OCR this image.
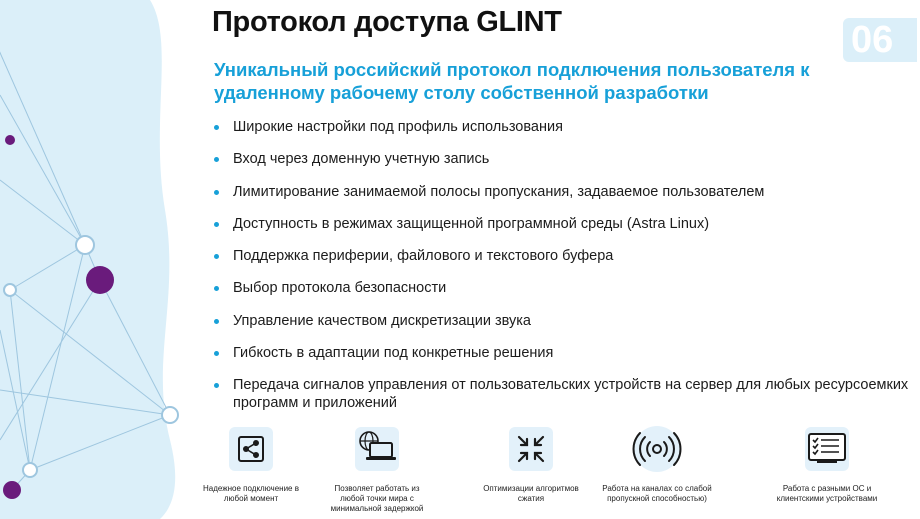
Протокол доступа GLINT	06
Уникальный российский протокол подключения пользователя к удаленному рабочему столу собственной разработки
Широкие настройки под профиль использования
Вход через доменную учетную запись
Лимитирование занимаемой полосы пропускания, задаваемое пользователем
Доступность в режимах защищенной программной среды (Astra Linux)
Поддержка периферии, файлового и текстового буфера
Выбор протокола безопасности
Управление качеством дискретизации звука
Гибкость в адаптации под конкретные решения
Передача сигналов управления от пользовательских устройств на сервер для любых ресурсоемких программ и приложений
Надежное подключение в любой момент
Позволяет работать из любой точки мира с минимальной задержкой
Оптимизации алгоритмов сжатия
Работа на каналах со слабой пропускной способностью)
Работа с разными ОС и клиентскими устройствами
